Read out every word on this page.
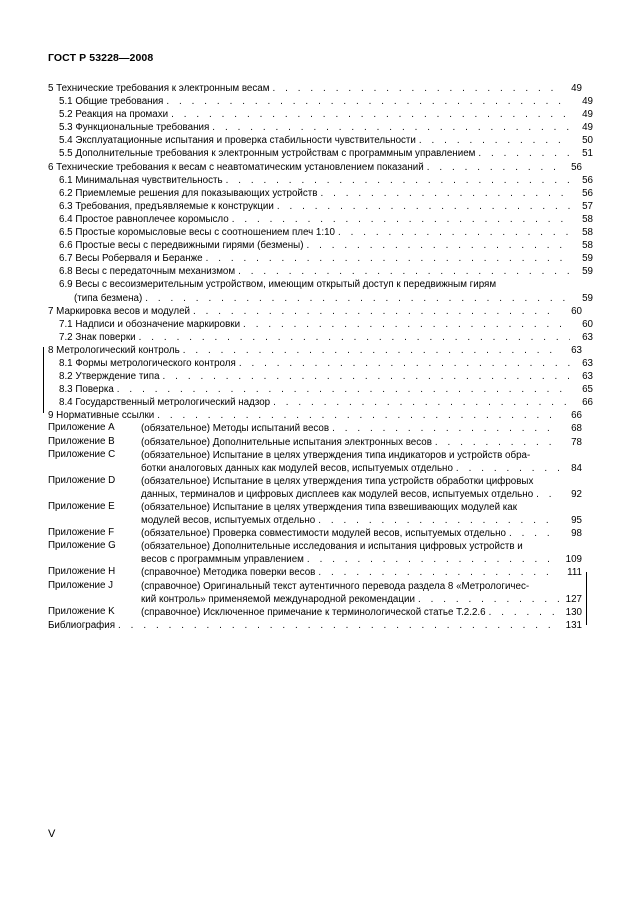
ГОСТ Р 53228—2008
5 Технические требования к электронным весам . . .	49
5.1 Общие требования . . .	49
5.2 Реакция на промахи . . .	49
5.3 Функциональные требования . . .	49
5.4 Эксплуатационные испытания и проверка стабильности чувствительности . . .	50
5.5 Дополнительные требования к электронным устройствам с программным управлением . . .	51
6 Технические требования к весам с неавтоматическим установлением показаний . . .	56
6.1 Минимальная чувствительность . . .	56
6.2 Приемлемые решения для показывающих устройств . . .	56
6.3 Требования, предъявляемые к конструкции . . .	57
6.4 Простое равноплечее коромысло . . .	58
6.5 Простые коромысловые весы с соотношением плеч 1:10 . . .	58
6.6 Простые весы с передвижными гирями (безмены) . . .	58
6.7 Весы Роберваля и Беранже . . .	59
6.8 Весы с передаточным механизмом . . .	59
6.9 Весы с весоизмерительным устройством, имеющим открытый доступ к передвижным гирям
(типа безмена) . . .	59
7 Маркировка весов и модулей . . .	60
7.1 Надписи и обозначение маркировки . . .	60
7.2 Знак поверки . . .	63
8 Метрологический контроль . . .	63
8.1 Формы метрологического контроля . . .	63
8.2 Утверждение типа . . .	63
8.3 Поверка . . .	65
8.4 Государственный метрологический надзор . . .	66
9 Нормативные ссылки . . .	66
Приложение А	(обязательное) Методы испытаний весов . . .	68
Приложение В	(обязательное) Дополнительные испытания электронных весов . . .	78
Приложение С	(обязательное) Испытание в целях утверждения типа индикаторов и устройств обра-
ботки аналоговых данных как модулей весов, испытуемых отдельно . . .	84
Приложение D	(обязательное) Испытание в целях утверждения типа устройств обработки цифровых
данных, терминалов и цифровых дисплеев как модулей весов, испытуемых отдельно . . .	92
Приложение Е	(обязательное) Испытание в целях утверждения типа взвешивающих модулей как
модулей весов, испытуемых отдельно . . .	95
Приложение F	(обязательное) Проверка совместимости модулей весов, испытуемых отдельно . . .	98
Приложение G	(обязательное) Дополнительные исследования и испытания цифровых устройств и
весов с программным управлением . . .	109
Приложение Н	(справочное) Методика поверки весов . . .	111
Приложение J	(справочное) Оригинальный текст аутентичного перевода раздела 8 «Метрологичес-
кий контроль» применяемой международной рекомендации . . .	127
Приложение K	(справочное) Исключенное примечание к терминологической статье Т.2.2.6 . . .	130
Библиография . . .	131
V
